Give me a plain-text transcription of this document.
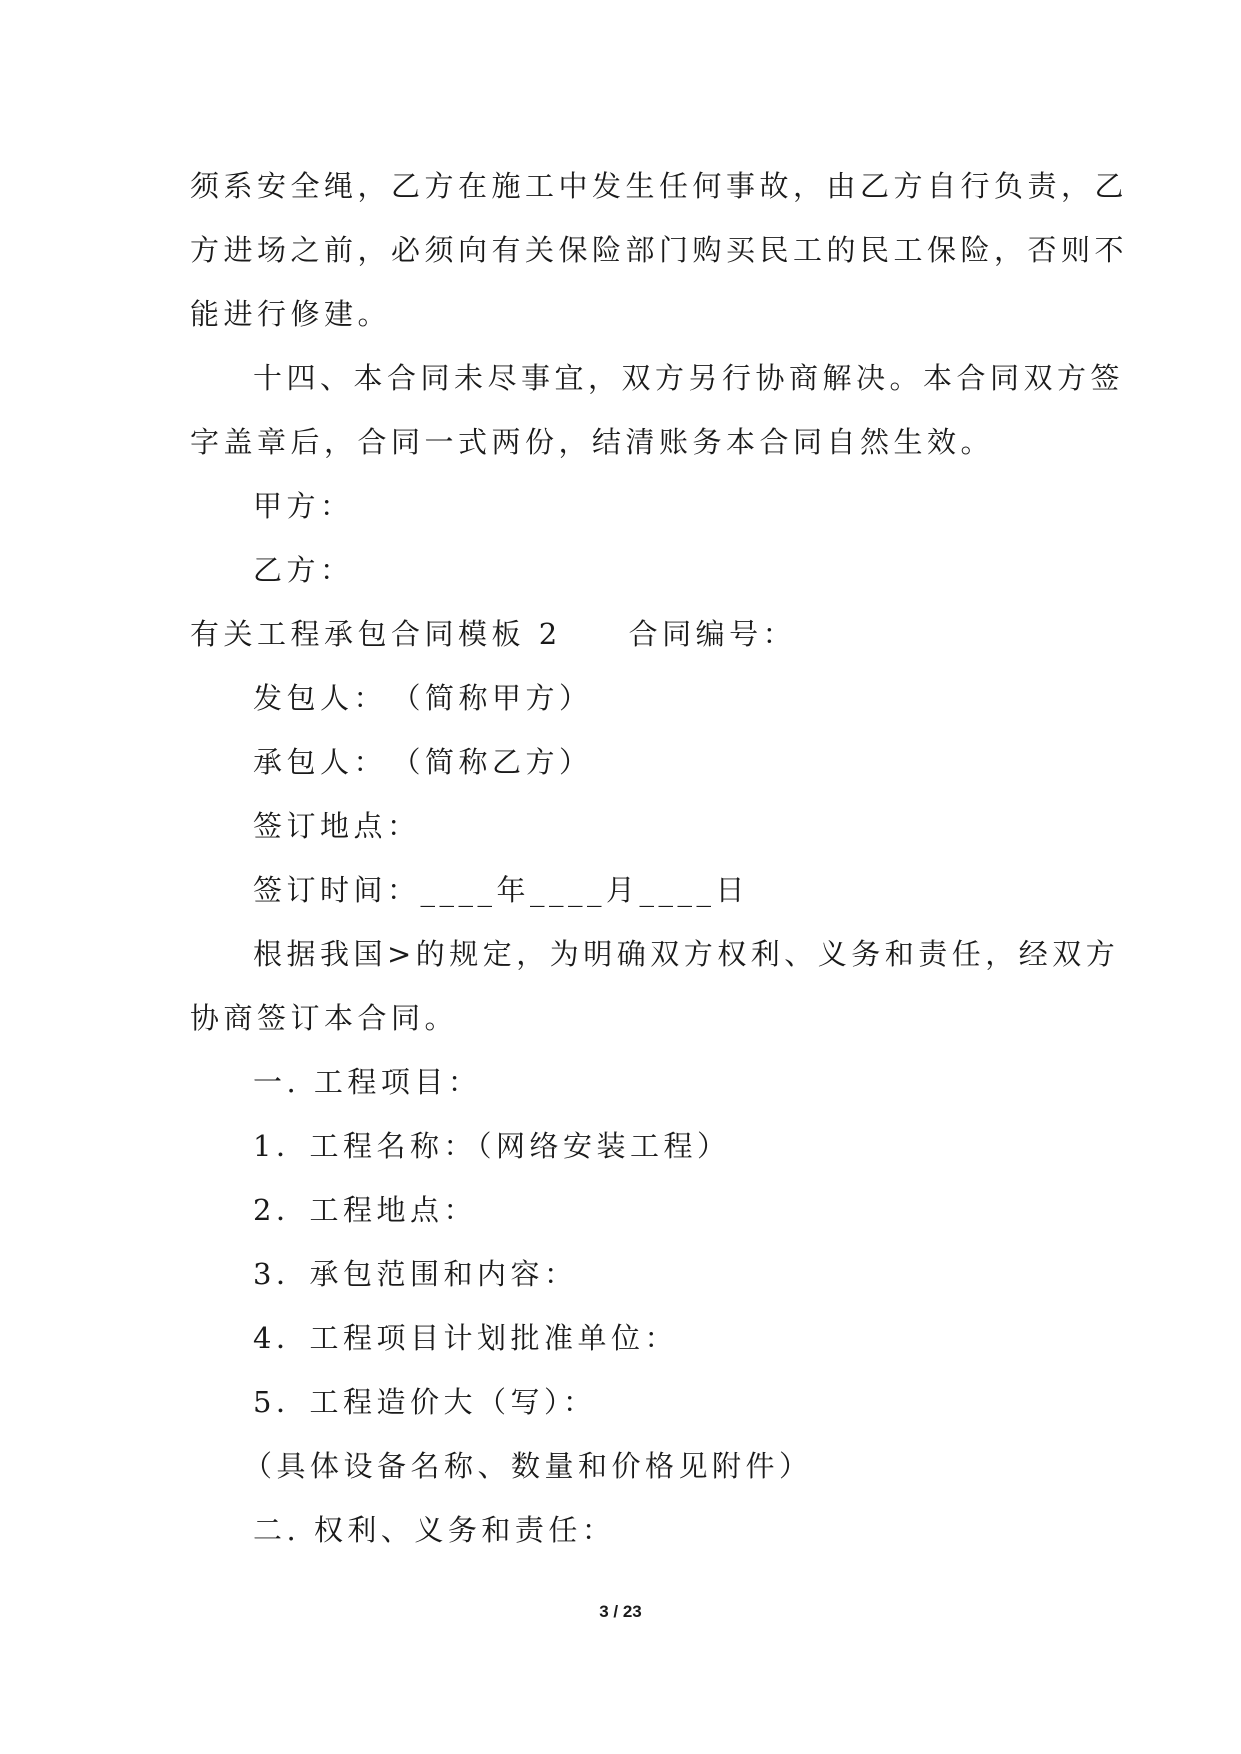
须系安全绳，乙方在施工中发生任何事故，由乙方自行负责，乙
方进场之前，必须向有关保险部门购买民工的民工保险，否则不
能进行修建。
十四、本合同未尽事宜，双方另行协商解决。本合同双方签
字盖章后，合同一式两份，结清账务本合同自然生效。
甲方：
乙方：
有关工程承包合同模板 2　　合同编号：
发包人：　（简称甲方）
承包人：　（简称乙方）
签订地点：
签订时间：____年____月____日
根据我国>的规定，为明确双方权利、义务和责任，经双方
协商签订本合同。
一. 工程项目：
1．工程名称：（网络安装工程）
2．工程地点：
3．承包范围和内容：
4．工程项目计划批准单位：
5．工程造价大（写）：
（具体设备名称、数量和价格见附件）
二. 权利、义务和责任：
3 / 23
